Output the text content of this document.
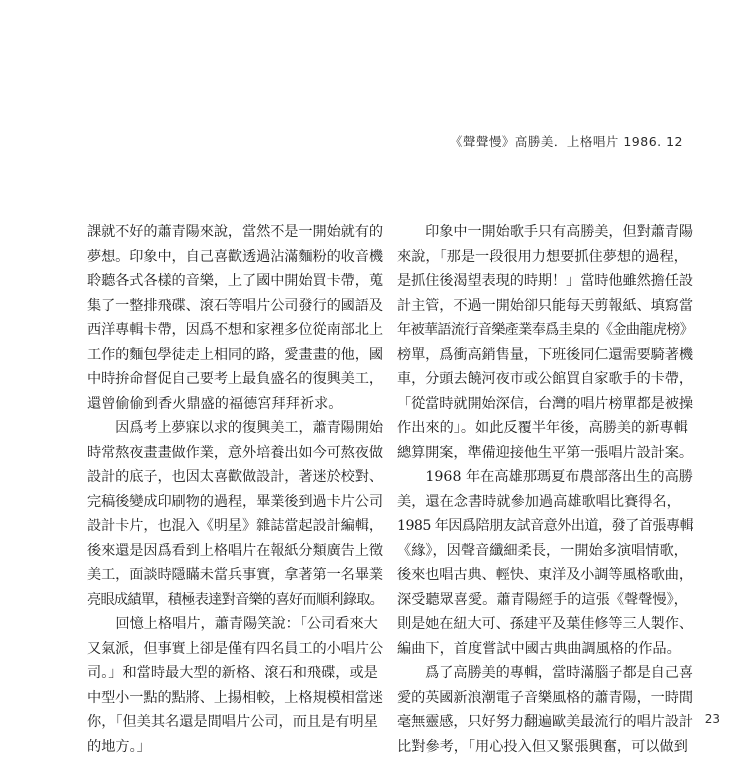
《聲聲慢》高勝美．上格唱片 1986. 12
課就不好的蕭青陽來說，當然不是一開始就有的
夢想。印象中，自己喜歡透過沾滿麵粉的收音機
聆聽各式各樣的音樂，上了國中開始買卡帶，蒐
集了一整排飛碟、滾石等唱片公司發行的國語及
西洋專輯卡帶，因爲不想和家裡多位從南部北上
工作的麵包學徒走上相同的路，愛畫畫的他，國
中時拚命督促自己要考上最負盛名的復興美工，
還曾偷偷到香火鼎盛的福德宮拜拜祈求。
　　因爲考上夢寐以求的復興美工，蕭青陽開始
時常熬夜畫畫做作業，意外培養出如今可熬夜做
設計的底子，也因太喜歡做設計，著迷於校對、
完稿後變成印刷物的過程，畢業後到過卡片公司
設計卡片，也混入《明星》雜誌當起設計編輯，
後來還是因爲看到上格唱片在報紙分類廣告上徵
美工，面談時隱瞞未當兵事實，拿著第一名畢業
亮眼成績單，積極表達對音樂的喜好而順利錄取。
　　回憶上格唱片，蕭青陽笑說：「公司看來大
又氣派，但事實上卻是僅有四名員工的小唱片公
司。」和當時最大型的新格、滾石和飛碟，或是
中型小一點的點將、上揚相較，上格規模相當迷
你，「但美其名還是間唱片公司，而且是有明星
的地方。」
　　印象中一開始歌手只有高勝美，但對蕭青陽
來說，「那是一段很用力想要抓住夢想的過程，
是抓住後渴望表現的時期！」當時他雖然擔任設
計主管，不過一開始卻只能每天剪報紙、填寫當
年被華語流行音樂產業奉爲圭臬的《金曲龍虎榜》
榜單，爲衝高銷售量，下班後同仁還需要騎著機
車，分頭去饒河夜市或公館買自家歌手的卡帶，
「從當時就開始深信，台灣的唱片榜單都是被操
作出來的」。如此反覆半年後，高勝美的新專輯
總算開案，準備迎接他生平第一張唱片設計案。
　　1968 年在高雄那瑪夏布農部落出生的高勝
美，還在念書時就參加過高雄歌唱比賽得名，
1985 年因爲陪朋友試音意外出道，發了首張專輯
《緣》，因聲音纖細柔長，一開始多演唱情歌，
後來也唱古典、輕快、東洋及小調等風格歌曲，
深受聽眾喜愛。蕭青陽經手的這張《聲聲慢》，
則是她在紐大可、孫建平及葉佳修等三人製作、
編曲下，首度嘗試中國古典曲調風格的作品。
　　爲了高勝美的專輯，當時滿腦子都是自己喜
愛的英國新浪潮電子音樂風格的蕭青陽，一時間
毫無靈感，只好努力翻遍歐美最流行的唱片設計
比對參考，「用心投入但又緊張興奮，可以做到
23
